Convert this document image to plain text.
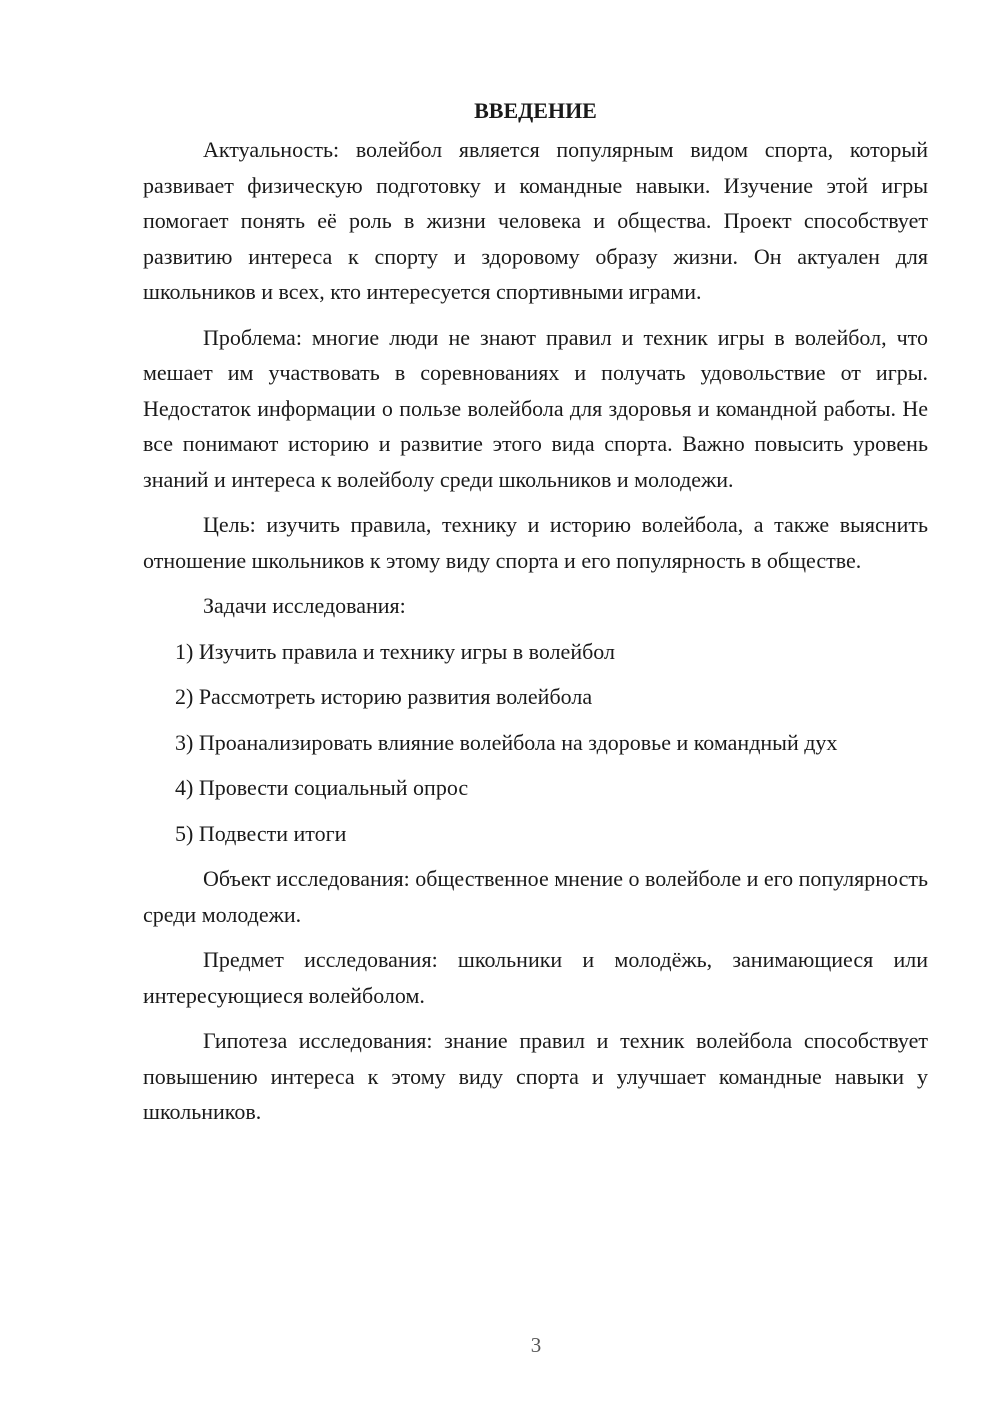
ВВЕДЕНИЕ

Актуальность: волейбол является популярным видом спорта, который развивает физическую подготовку и командные навыки. Изучение этой игры помогает понять её роль в жизни человека и общества. Проект способствует развитию интереса к спорту и здоровому образу жизни. Он актуален для школьников и всех, кто интересуется спортивными играми.

Проблема: многие люди не знают правил и техник игры в волейбол, что мешает им участвовать в соревнованиях и получать удовольствие от игры. Недостаток информации о пользе волейбола для здоровья и командной работы. Не все понимают историю и развитие этого вида спорта. Важно повысить уровень знаний и интереса к волейболу среди школьников и молодежи.

Цель: изучить правила, технику и историю волейбола, а также выяснить отношение школьников к этому виду спорта и его популярность в обществе.

Задачи исследования:

1) Изучить правила и технику игры в волейбол

2) Рассмотреть историю развития волейбола

3) Проанализировать влияние волейбола на здоровье и командный дух

4) Провести социальный опрос

5) Подвести итоги

Объект исследования: общественное мнение о волейболе и его популярность среди молодежи.

Предмет исследования: школьники и молодёжь, занимающиеся или интересующиеся волейболом.

Гипотеза исследования: знание правил и техник волейбола способствует повышению интереса к этому виду спорта и улучшает командные навыки у школьников.

3
